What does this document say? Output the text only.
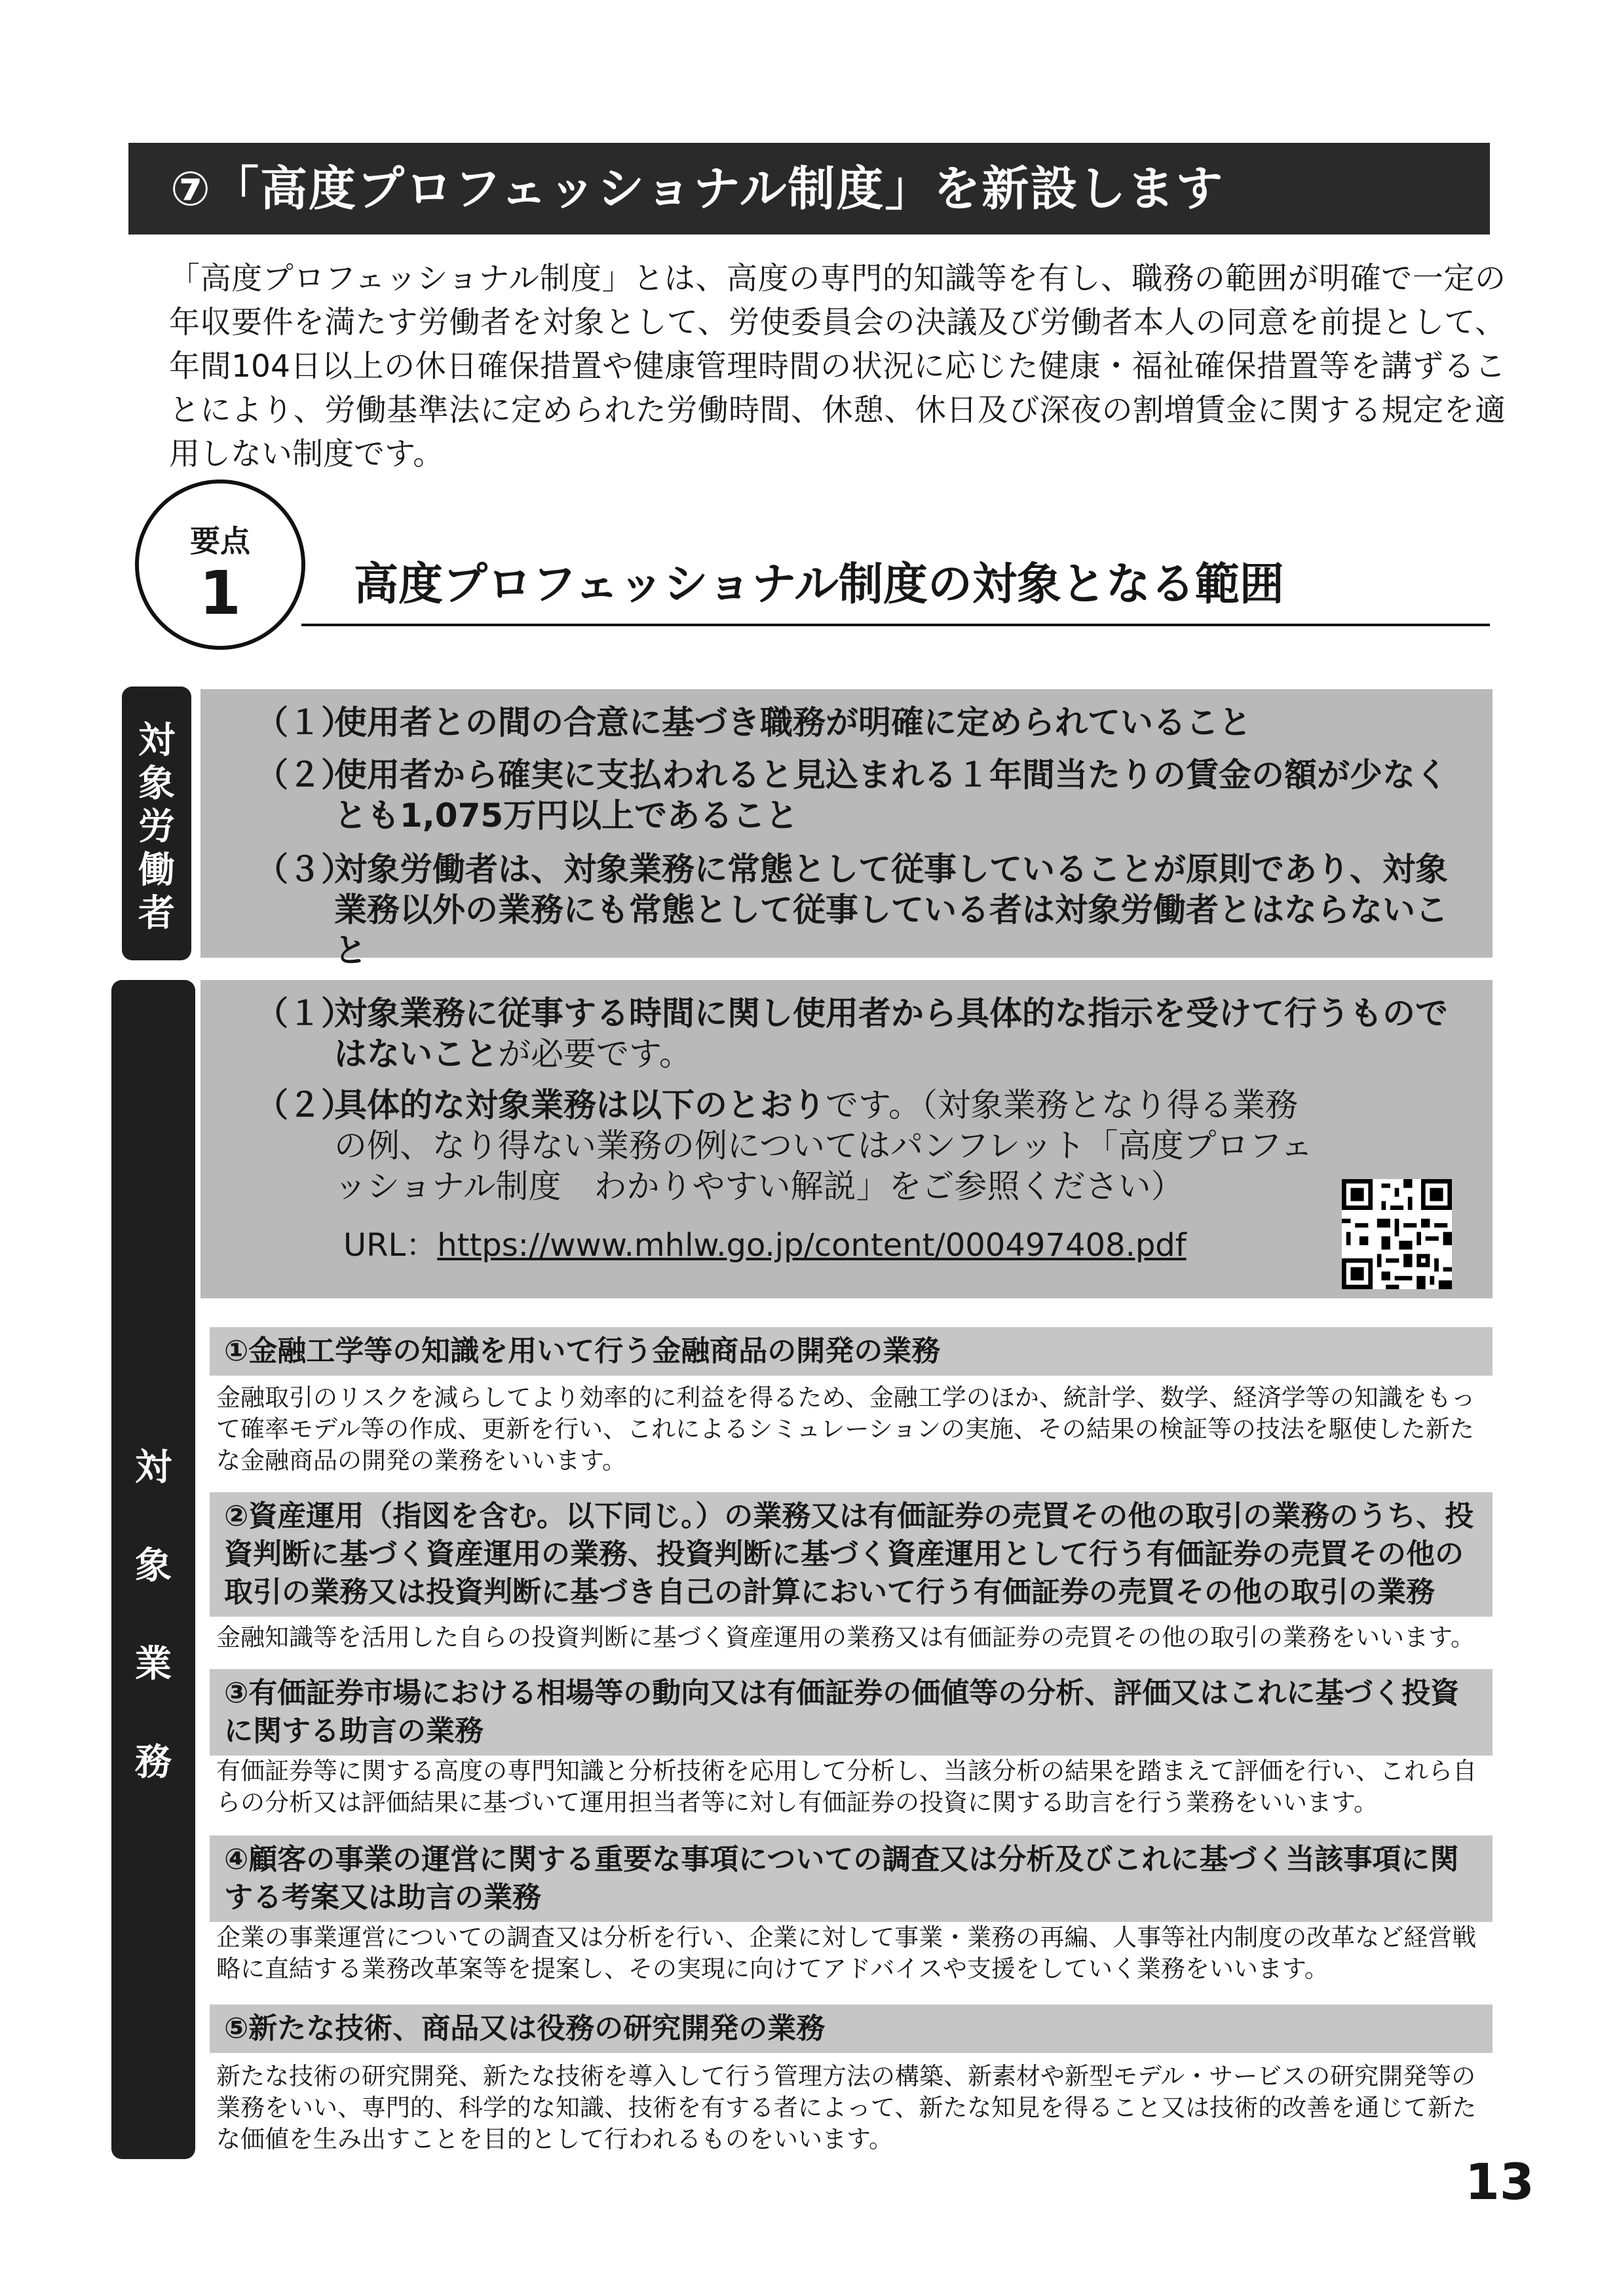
⑦「高度プロフェッショナル制度」を新設します
「高度プロフェッショナル制度」とは、高度の専門的知識等を有し、職務の範囲が明確で一定の年収要件を満たす労働者を対象として、労使委員会の決議及び労働者本人の同意を前提として、年間104日以上の休日確保措置や健康管理時間の状況に応じた健康・福祉確保措置等を講ずることにより、労働基準法に定められた労働時間、休憩、休日及び深夜の割増賃金に関する規定を適用しない制度です。
要点
1	高度プロフェッショナル制度の対象となる範囲
対
象
労
働
者
（１）
使用者との間の合意に基づき職務が明確に定められていること
（２）
使用者から確実に支払われると見込まれる１年間当たりの賃金の額が少なくとも1,075万円以上であること
（３）
対象労働者は、対象業務に常態として従事していることが原則であり、対象業務以外の業務にも常態として従事している者は対象労働者とはならないこと
対
象
業
務
（１）
対象業務に従事する時間に関し使用者から具体的な指示を受けて行うものではないことが必要です。
（２）
具体的な対象業務は以下のとおりです。（対象業務となり得る業務の例、なり得ない業務の例についてはパンフレット「高度プロフェッショナル制度　わかりやすい解説」をご参照ください）
URL：https://www.mhlw.go.jp/content/000497408.pdf
①金融工学等の知識を用いて行う金融商品の開発の業務
金融取引のリスクを減らしてより効率的に利益を得るため、金融工学のほか、統計学、数学、経済学等の知識をもって確率モデル等の作成、更新を行い、これによるシミュレーションの実施、その結果の検証等の技法を駆使した新たな金融商品の開発の業務をいいます。
②資産運用（指図を含む。以下同じ。）の業務又は有価証券の売買その他の取引の業務のうち、投資判断に基づく資産運用の業務、投資判断に基づく資産運用として行う有価証券の売買その他の取引の業務又は投資判断に基づき自己の計算において行う有価証券の売買その他の取引の業務
金融知識等を活用した自らの投資判断に基づく資産運用の業務又は有価証券の売買その他の取引の業務をいいます。
③有価証券市場における相場等の動向又は有価証券の価値等の分析、評価又はこれに基づく投資に関する助言の業務
有価証券等に関する高度の専門知識と分析技術を応用して分析し、当該分析の結果を踏まえて評価を行い、これら自らの分析又は評価結果に基づいて運用担当者等に対し有価証券の投資に関する助言を行う業務をいいます。
④顧客の事業の運営に関する重要な事項についての調査又は分析及びこれに基づく当該事項に関する考案又は助言の業務
企業の事業運営についての調査又は分析を行い、企業に対して事業・業務の再編、人事等社内制度の改革など経営戦略に直結する業務改革案等を提案し、その実現に向けてアドバイスや支援をしていく業務をいいます。
⑤新たな技術、商品又は役務の研究開発の業務
新たな技術の研究開発、新たな技術を導入して行う管理方法の構築、新素材や新型モデル・サービスの研究開発等の業務をいい、専門的、科学的な知識、技術を有する者によって、新たな知見を得ること又は技術的改善を通じて新たな価値を生み出すことを目的として行われるものをいいます。
13
